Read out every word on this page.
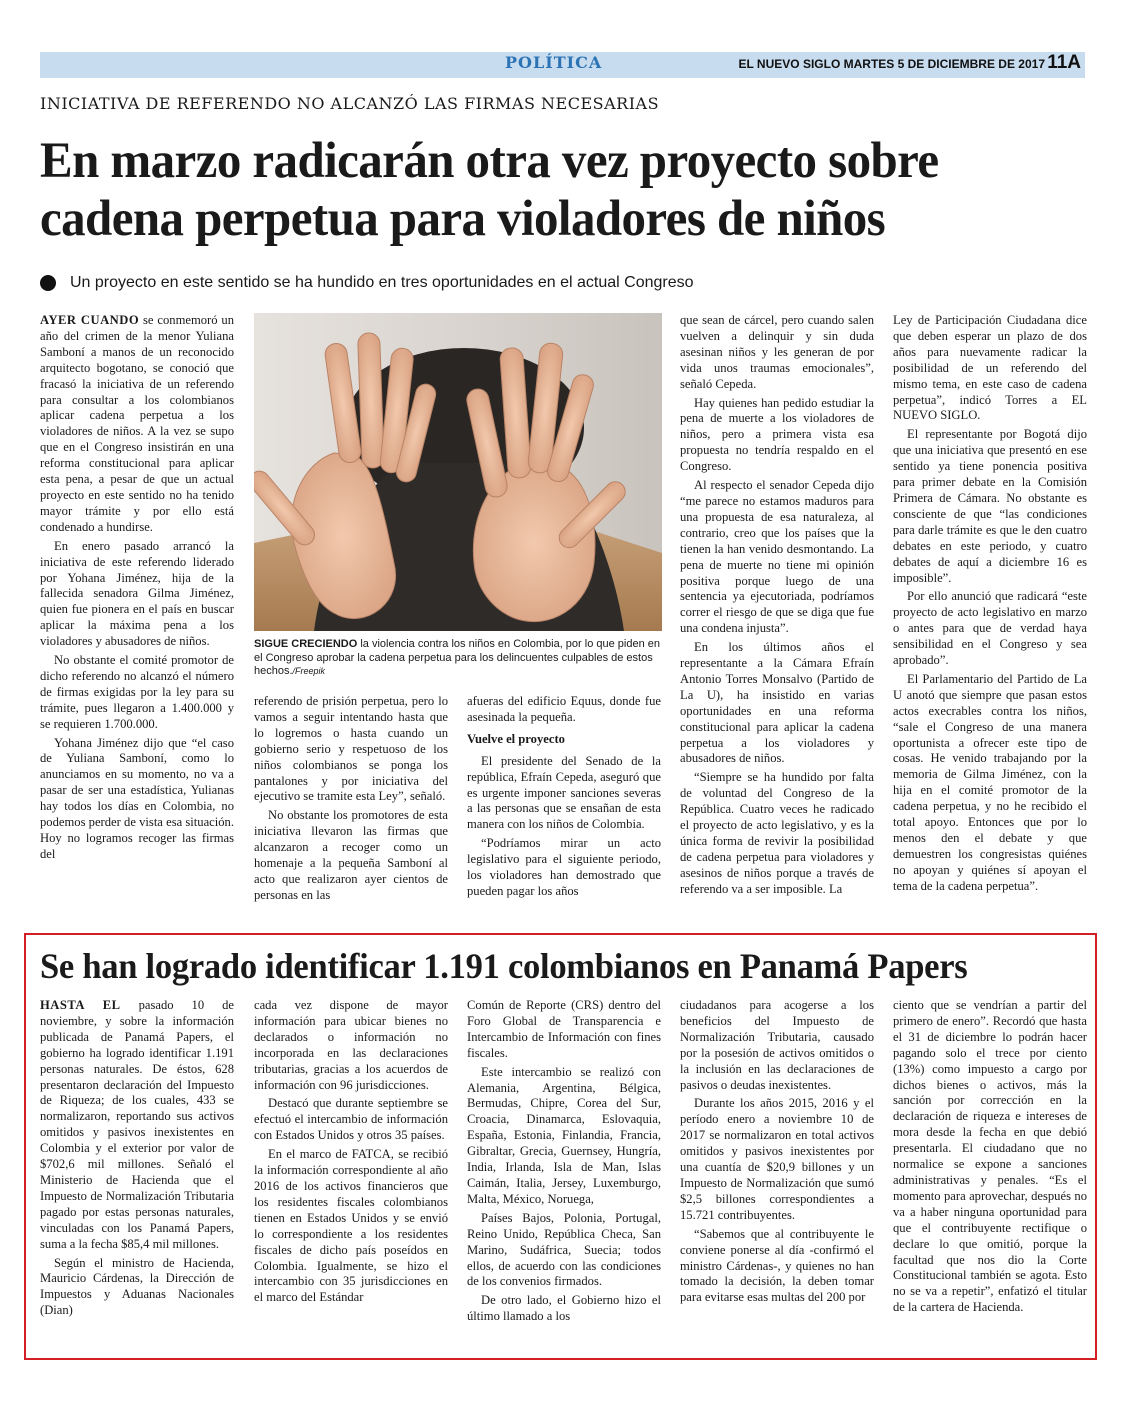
POLÍTICA	EL NUEVO SIGLO MARTES 5 DE DICIEMBRE DE 2017 11A
INICIATIVA DE REFERENDO NO ALCANZÓ LAS FIRMAS NECESARIAS
En marzo radicarán otra vez proyecto sobre cadena perpetua para violadores de niños
Un proyecto en este sentido se ha hundido en tres oportunidades en el actual Congreso

AYER CUANDO se conmemoró un año del crimen de la menor Yuliana Samboní a manos de un reconocido arquitecto bogotano, se conoció que fracasó la iniciativa de un referendo para consultar a los colombianos aplicar cadena perpetua a los violadores de niños. A la vez se supo que en el Congreso insistirán en una reforma constitucional para aplicar esta pena, a pesar de que un actual proyecto en este sentido no ha tenido mayor trámite y por ello está condenado a hundirse.

En enero pasado arrancó la iniciativa de este referendo liderado por Yohana Jiménez, hija de la fallecida senadora Gilma Jiménez, quien fue pionera en el país en buscar aplicar la máxima pena a los violadores y abusadores de niños.

No obstante el comité promotor de dicho referendo no alcanzó el número de firmas exigidas por la ley para su trámite, pues llegaron a 1.400.000 y se requieren 1.700.000.

Yohana Jiménez dijo que “el caso de Yuliana Samboní, como lo anunciamos en su momento, no va a pasar de ser una estadística, Yulianas hay todos los días en Colombia, no podemos perder de vista esa situación. Hoy no logramos recoger las firmas del

SIGUE CRECIENDO la violencia contra los niños en Colombia, por lo que piden en el Congreso aprobar la cadena perpetua para los delincuentes culpables de estos hechos./Freepik

referendo de prisión perpetua, pero lo vamos a seguir intentando hasta que lo logremos o hasta cuando un gobierno serio y respetuoso de los niños colombianos se ponga los pantalones y por iniciativa del ejecutivo se tramite esta Ley”, señaló.

No obstante los promotores de esta iniciativa llevaron las firmas que alcanzaron a recoger como un homenaje a la pequeña Samboní al acto que realizaron ayer cientos de personas en las

afueras del edificio Equus, donde fue asesinada la pequeña.

Vuelve el proyecto

El presidente del Senado de la república, Efraín Cepeda, aseguró que es urgente imponer sanciones severas a las personas que se ensañan de esta manera con los niños de Colombia.

“Podríamos mirar un acto legislativo para el siguiente periodo, los violadores han demostrado que pueden pagar los años

que sean de cárcel, pero cuando salen vuelven a delinquir y sin duda asesinan niños y les generan de por vida unos traumas emocionales”, señaló Cepeda.

Hay quienes han pedido estudiar la pena de muerte a los violadores de niños, pero a primera vista esa propuesta no tendría respaldo en el Congreso.

Al respecto el senador Cepeda dijo “me parece no estamos maduros para una propuesta de esa naturaleza, al contrario, creo que los países que la tienen la han venido desmontando. La pena de muerte no tiene mi opinión positiva porque luego de una sentencia ya ejecutoriada, podríamos correr el riesgo de que se diga que fue una condena injusta”.

En los últimos años el representante a la Cámara Efraín Antonio Torres Monsalvo (Partido de La U), ha insistido en varias oportunidades en una reforma constitucional para aplicar la cadena perpetua a los violadores y abusadores de niños.

“Siempre se ha hundido por falta de voluntad del Congreso de la República. Cuatro veces he radicado el proyecto de acto legislativo, y es la única forma de revivir la posibilidad de cadena perpetua para violadores y asesinos de niños porque a través de referendo va a ser imposible. La

Ley de Participación Ciudadana dice que deben esperar un plazo de dos años para nuevamente radicar la posibilidad de un referendo del mismo tema, en este caso de cadena perpetua”, indicó Torres a EL NUEVO SIGLO.

El representante por Bogotá dijo que una iniciativa que presentó en ese sentido ya tiene ponencia positiva para primer debate en la Comisión Primera de Cámara. No obstante es consciente de que “las condiciones para darle trámite es que le den cuatro debates en este periodo, y cuatro debates de aquí a diciembre 16 es imposible”.

Por ello anunció que radicará “este proyecto de acto legislativo en marzo o antes para que de verdad haya sensibilidad en el Congreso y sea aprobado”.

El Parlamentario del Partido de La U anotó que siempre que pasan estos actos execrables contra los niños, “sale el Congreso de una manera oportunista a ofrecer este tipo de cosas. He venido trabajando por la memoria de Gilma Jiménez, con la hija en el comité promotor de la cadena perpetua, y no he recibido el total apoyo. Entonces que por lo menos den el debate y que demuestren los congresistas quiénes no apoyan y quiénes sí apoyan el tema de la cadena perpetua”.

Se han logrado identificar 1.191 colombianos en Panamá Papers

HASTA EL pasado 10 de noviembre, y sobre la información publicada de Panamá Papers, el gobierno ha logrado identificar 1.191 personas naturales. De éstos, 628 presentaron declaración del Impuesto de Riqueza; de los cuales, 433 se normalizaron, reportando sus activos omitidos y pasivos inexistentes en Colombia y el exterior por valor de $702,6 mil millones. Señaló el Ministerio de Hacienda que el Impuesto de Normalización Tributaria pagado por estas personas naturales, vinculadas con los Panamá Papers, suma a la fecha $85,4 mil millones.

Según el ministro de Hacienda, Mauricio Cárdenas, la Dirección de Impuestos y Aduanas Nacionales (Dian)

cada vez dispone de mayor información para ubicar bienes no declarados o información no incorporada en las declaraciones tributarias, gracias a los acuerdos de información con 96 jurisdicciones.

Destacó que durante septiembre se efectuó el intercambio de información con Estados Unidos y otros 35 países.

En el marco de FATCA, se recibió la información correspondiente al año 2016 de los activos financieros que los residentes fiscales colombianos tienen en Estados Unidos y se envió lo correspondiente a los residentes fiscales de dicho país poseídos en Colombia. Igualmente, se hizo el intercambio con 35 jurisdicciones en el marco del Estándar

Común de Reporte (CRS) dentro del Foro Global de Transparencia e Intercambio de Información con fines fiscales.

Este intercambio se realizó con Alemania, Argentina, Bélgica, Bermudas, Chipre, Corea del Sur, Croacia, Dinamarca, Eslovaquia, España, Estonia, Finlandia, Francia, Gibraltar, Grecia, Guernsey, Hungría, India, Irlanda, Isla de Man, Islas Caimán, Italia, Jersey, Luxemburgo, Malta, México, Noruega,

Países Bajos, Polonia, Portugal, Reino Unido, República Checa, San Marino, Sudáfrica, Suecia; todos ellos, de acuerdo con las condiciones de los convenios firmados.

De otro lado, el Gobierno hizo el último llamado a los

ciudadanos para acogerse a los beneficios del Impuesto de Normalización Tributaria, causado por la posesión de activos omitidos o la inclusión en las declaraciones de pasivos o deudas inexistentes.

Durante los años 2015, 2016 y el período enero a noviembre 10 de 2017 se normalizaron en total activos omitidos y pasivos inexistentes por una cuantía de $20,9 billones y un Impuesto de Normalización que sumó $2,5 billones correspondientes a 15.721 contribuyentes.

“Sabemos que al contribuyente le conviene ponerse al día -confirmó el ministro Cárdenas-, y quienes no han tomado la decisión, la deben tomar para evitarse esas multas del 200 por

ciento que se vendrían a partir del primero de enero”. Recordó que hasta el 31 de diciembre lo podrán hacer pagando solo el trece por ciento (13%) como impuesto a cargo por dichos bienes o activos, más la sanción por corrección en la declaración de riqueza e intereses de mora desde la fecha en que debió presentarla. El ciudadano que no normalice se expone a sanciones administrativas y penales. “Es el momento para aprovechar, después no va a haber ninguna oportunidad para que el contribuyente rectifique o declare lo que omitió, porque la facultad que nos dio la Corte Constitucional también se agota. Esto no se va a repetir”, enfatizó el titular de la cartera de Hacienda.
